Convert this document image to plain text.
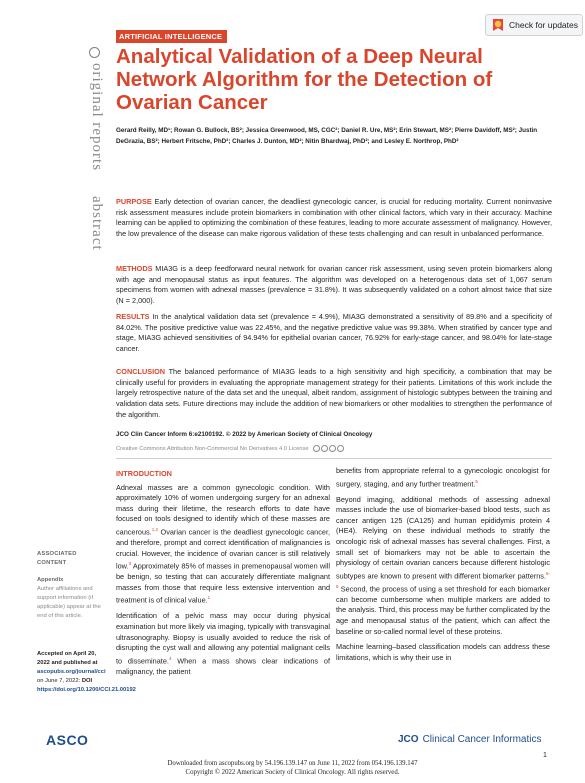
ARTIFICIAL INTELLIGENCE
Check for updates
original reports
abstract
Analytical Validation of a Deep Neural Network Algorithm for the Detection of Ovarian Cancer
Gerard Reilly, MD¹; Rowan G. Bullock, BS²; Jessica Greenwood, MS, CGC²; Daniel R. Ure, MS²; Erin Stewart, MS²; Pierre Davidoff, MS²; Justin DeGrazia, BS²; Herbert Fritsche, PhD²; Charles J. Dunton, MD²; Nitin Bhardwaj, PhD²; and Lesley E. Northrop, PhD²

PURPOSE Early detection of ovarian cancer, the deadliest gynecologic cancer, is crucial for reducing mortality. Current noninvasive risk assessment measures include protein biomarkers in combination with other clinical factors, which vary in their accuracy. Machine learning can be applied to optimizing the combination of these features, leading to more accurate assessment of malignancy. However, the low prevalence of the disease can make rigorous validation of these tests challenging and can result in unbalanced performance.

METHODS MIA3G is a deep feedforward neural network for ovarian cancer risk assessment, using seven protein biomarkers along with age and menopausal status as input features. The algorithm was developed on a heterogenous data set of 1,067 serum specimens from women with adnexal masses (prevalence = 31.8%). It was subsequently validated on a cohort almost twice that size (N = 2,000).

RESULTS In the analytical validation data set (prevalence = 4.9%), MIA3G demonstrated a sensitivity of 89.8% and a specificity of 84.02%. The positive predictive value was 22.45%, and the negative predictive value was 99.38%. When stratified by cancer type and stage, MIA3G achieved sensitivities of 94.94% for epithelial ovarian cancer, 76.92% for early-stage cancer, and 98.04% for late-stage cancer.

CONCLUSION The balanced performance of MIA3G leads to a high sensitivity and high specificity, a combination that may be clinically useful for providers in evaluating the appropriate management strategy for their patients. Limitations of this work include the largely retrospective nature of the data set and the unequal, albeit random, assignment of histologic subtypes between the training and validation data sets. Future directions may include the addition of new biomarkers or other modalities to strengthen the performance of the algorithm.

JCO Clin Cancer Inform 6:e2100192. © 2022 by American Society of Clinical Oncology
Creative Commons Attribution Non-Commercial No Derivatives 4.0 License
ASSOCIATED CONTENT
Appendix
Author affiliations and support information (if applicable) appear at the end of this article.
Accepted on April 20, 2022 and published at ascopubs.org/journal/cci on June 7, 2022: DOI https://doi.org/10.1200/CCI.21.00192

INTRODUCTION

Adnexal masses are a common gynecologic condition. With approximately 10% of women undergoing surgery for an adnexal mass during their lifetime, the research efforts to date have focused on tools designed to identify which of these masses are cancerous.$^{1,2}$ Ovarian cancer is the deadliest gynecologic cancer, and therefore, prompt and correct identification of malignancies is crucial. However, the incidence of ovarian cancer is still relatively low.$^3$ Approximately 85% of masses in premenopausal women will be benign, so testing that can accurately differentiate malignant masses from those that require less extensive intervention and treatment is of clinical value.$^1$

Identification of a pelvic mass may occur during physical examination but more likely via imaging, typically with transvaginal ultrasonography. Biopsy is usually avoided to reduce the risk of disrupting the cyst wall and allowing any potential malignant cells to disseminate.$^4$ When a mass shows clear indications of malignancy, the patient

benefits from appropriate referral to a gynecologic oncologist for surgery, staging, and any further treatment.$^5$

Beyond imaging, additional methods of assessing adnexal masses include the use of biomarker-based blood tests, such as cancer antigen 125 (CA125) and human epididymis protein 4 (HE4). Relying on these individual methods to stratify the oncologic risk of adnexal masses has several challenges. First, a small set of biomarkers may not be able to ascertain the physiology of certain ovarian cancers because different histologic subtypes are known to present with different biomarker patterns.$^{6-8}$ Second, the process of using a set threshold for each biomarker can become cumbersome when multiple markers are added to the analysis. Third, this process may be further complicated by the age and menopausal status of the patient, which can affect the baseline or so-called normal level of these proteins.

Machine learning–based classification models can address these limitations, which is why their use in

ASCO	JCO Clinical Cancer Informatics
1
Downloaded from ascopubs.org by 54.196.139.147 on June 11, 2022 from 054.196.139.147
Copyright © 2022 American Society of Clinical Oncology. All rights reserved.
